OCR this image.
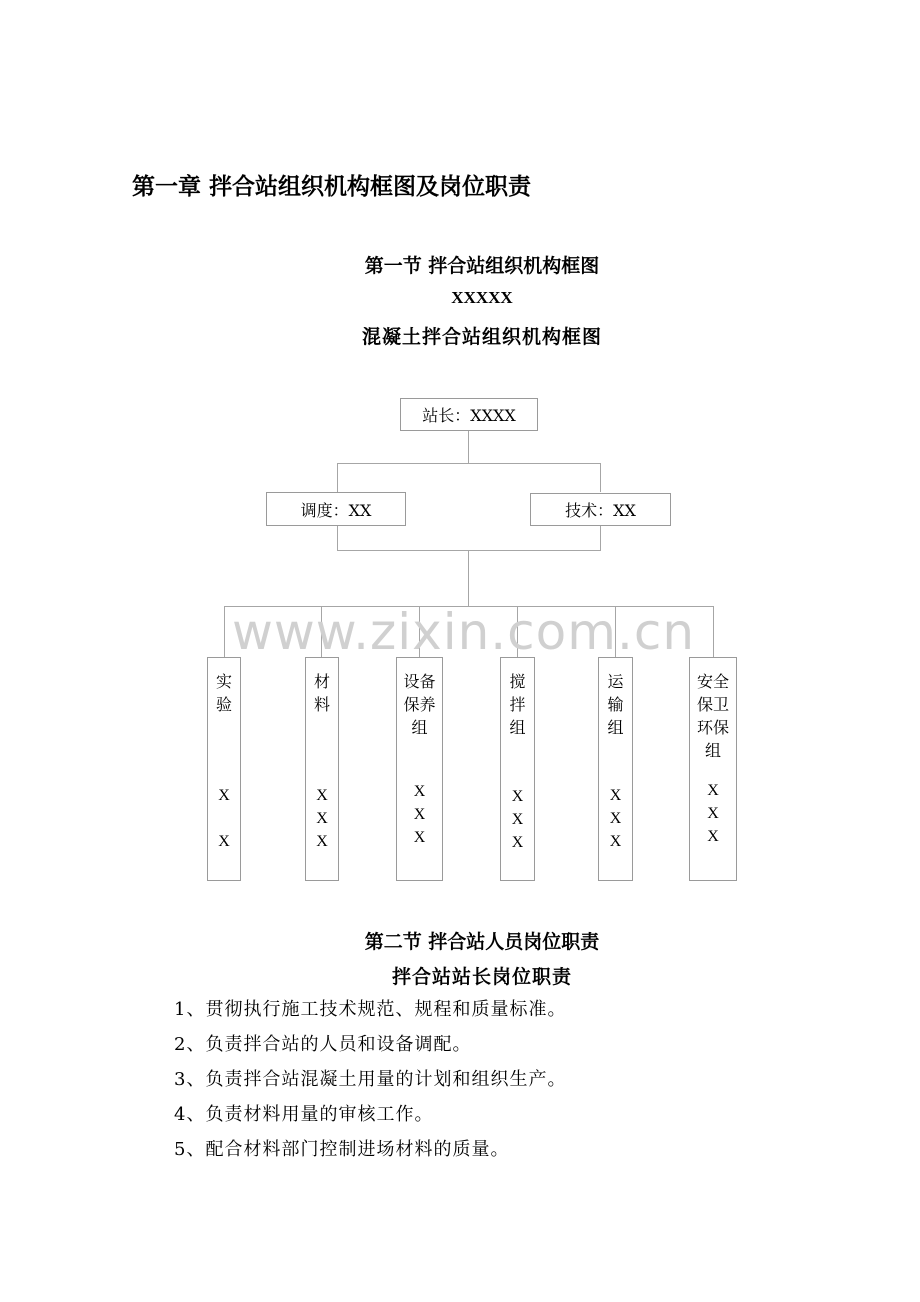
第一章 拌合站组织机构框图及岗位职责
第一节 拌合站组织机构框图
XXXXX
混凝土拌合站组织机构框图
站长：XXXX
调度：XX	技术：XX
实
验
X

X
材
料
X
X
X
设备
保养
组
X
X
X
搅
拌
组
X
X
X
运
输
组
X
X
X
安全
保卫
环保
组
X
X
X
www.zixin.com.cn
第二节 拌合站人员岗位职责
拌合站站长岗位职责
1、贯彻执行施工技术规范、规程和质量标准。
2、负责拌合站的人员和设备调配。
3、负责拌合站混凝土用量的计划和组织生产。
4、负责材料用量的审核工作。
5、配合材料部门控制进场材料的质量。
